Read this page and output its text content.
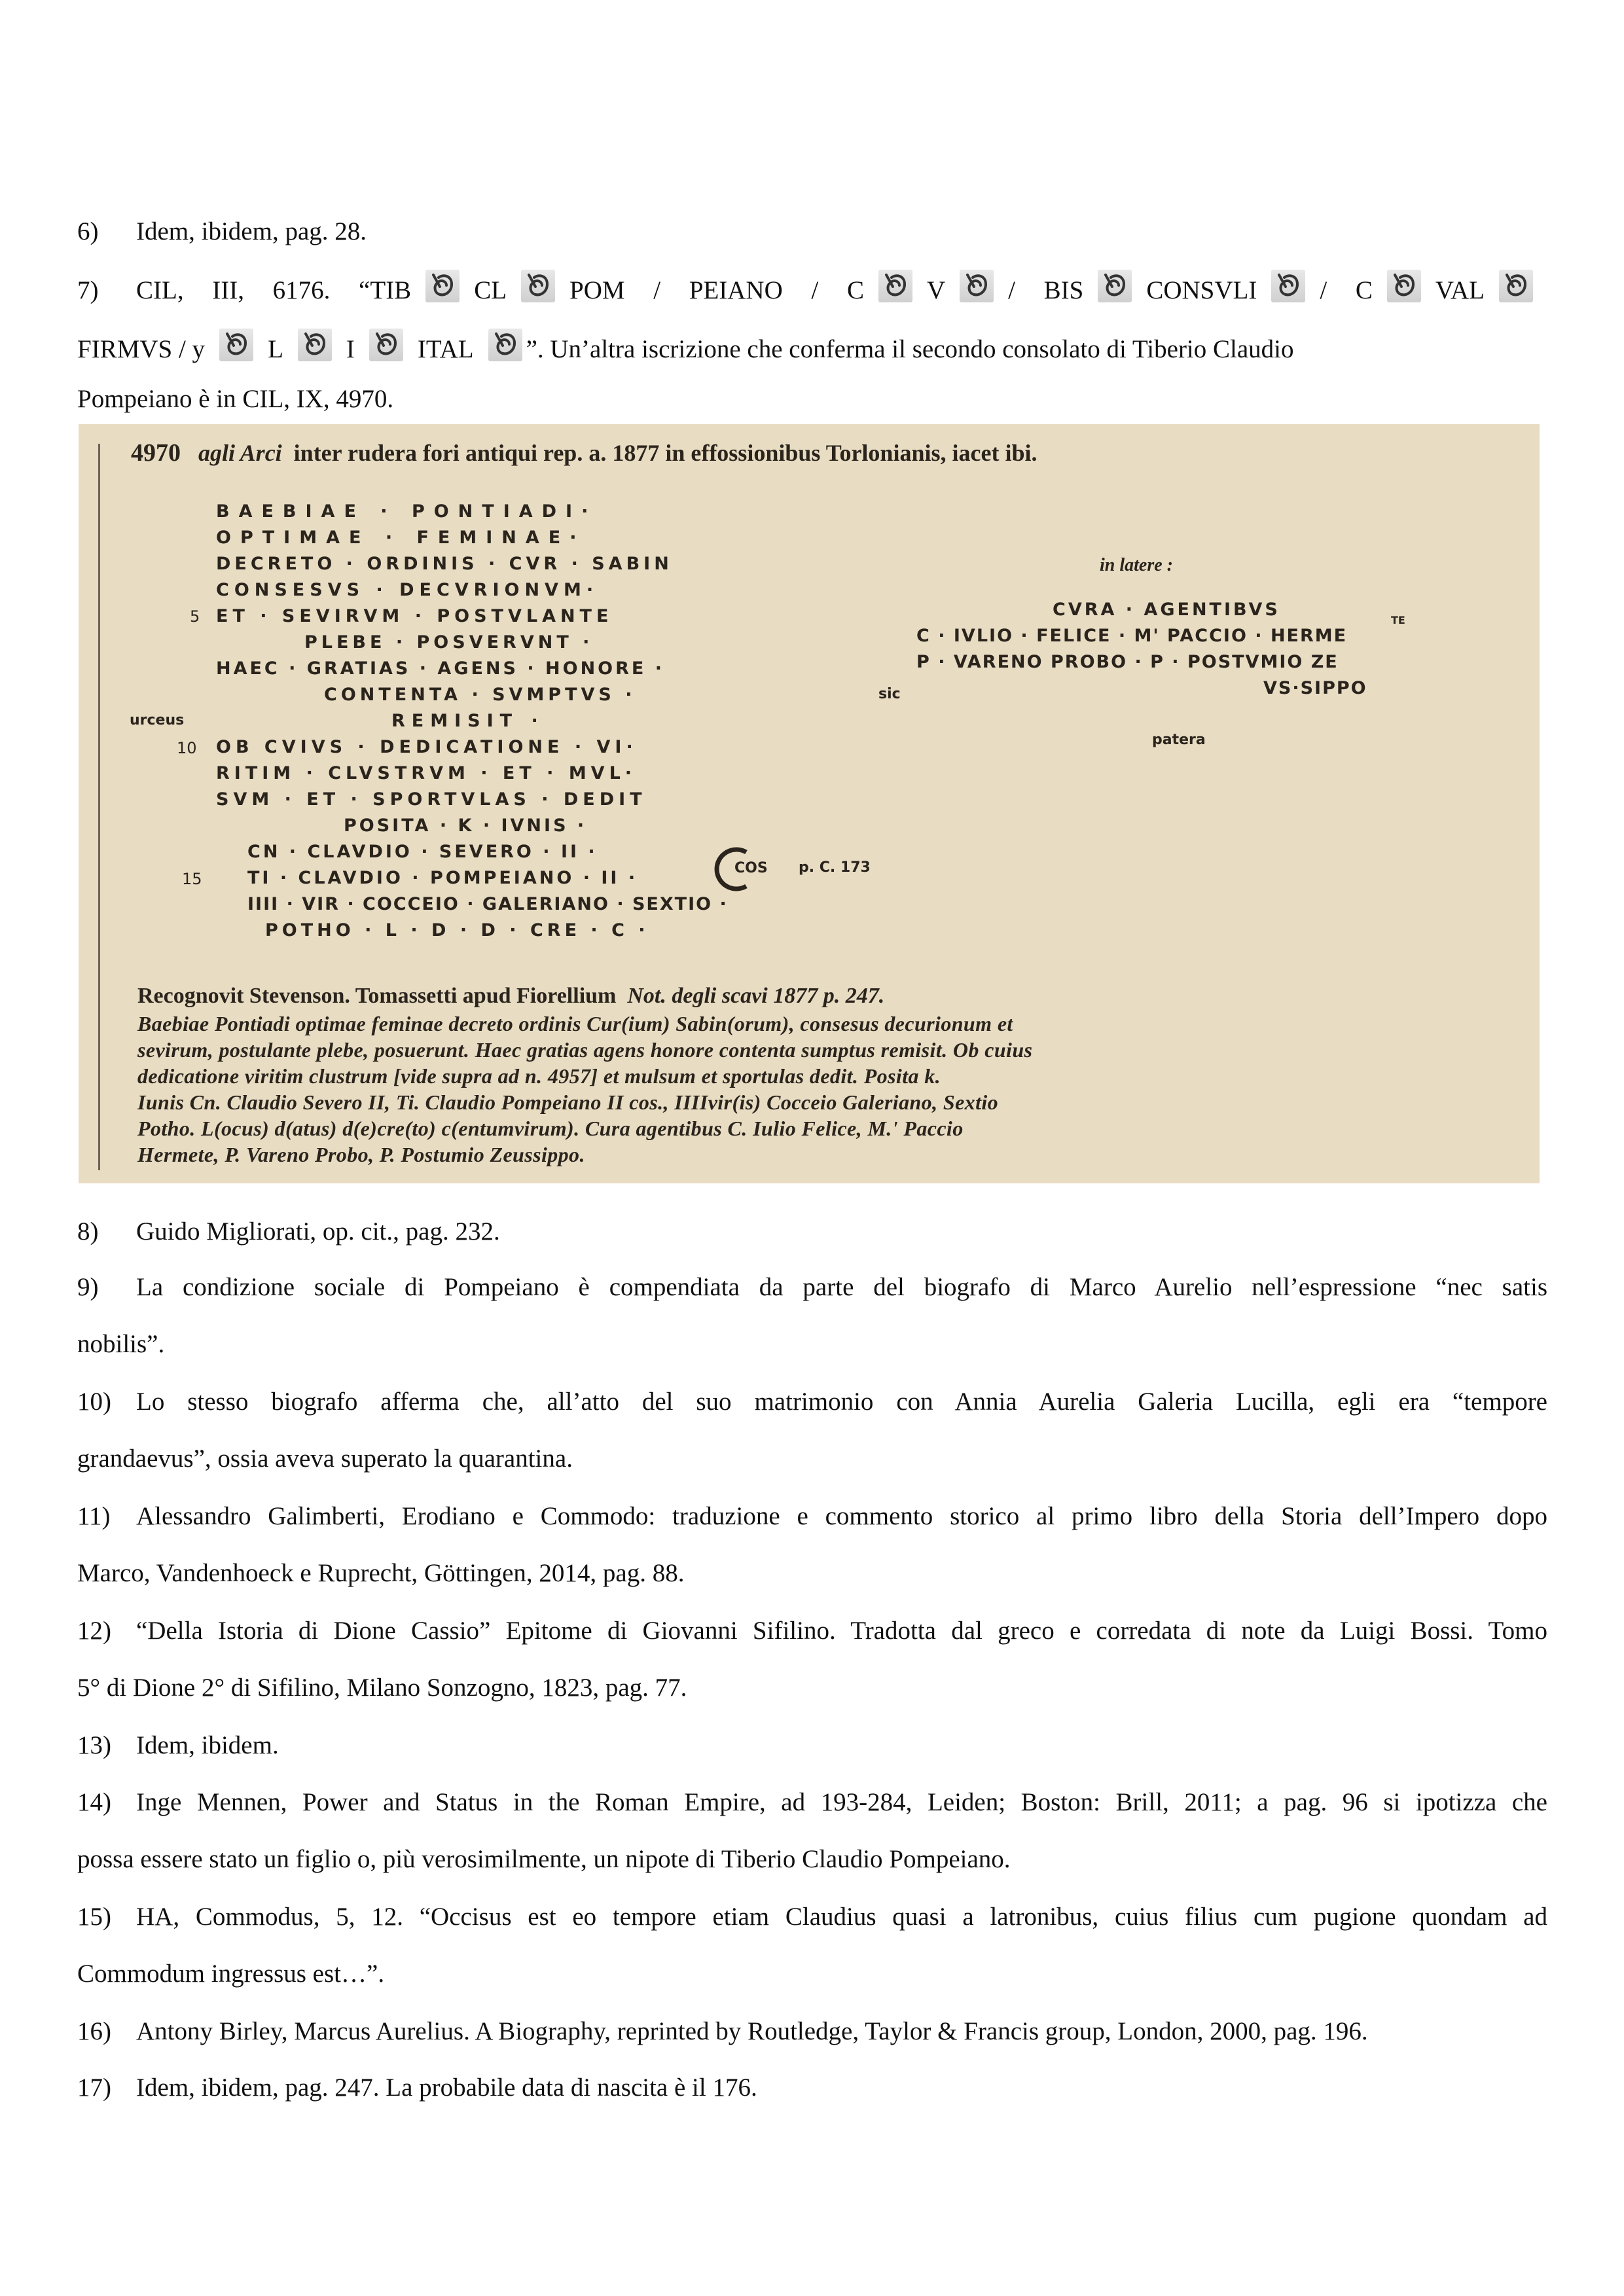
6) Idem, ibidem, pag. 28.
7) CIL, III, 6176. “TIB CL POM / PEIANO / C V / BIS CONSVLI / C VAL
FIRMVS / y L I ITAL ”. Un’altra iscrizione che conferma il secondo consolato di Tiberio Claudio
Pompeiano è in CIL, IX, 4970.
4970 agli Arci inter rudera fori antiqui rep. a. 1877 in effossionibus Torlonianis, iacet ibi.
BAEBIAE · PONTIADI·
OPTIMAE · FEMINAE·
DECRETO · ORDINIS · CVR · SABIN
CONSESVS · DECVRIONVM·
ET · SEVIRVM · POSTVLANTE
PLEBE · POSVERVNT ·
HAEC · GRATIAS · AGENS · HONORE ·
CONTENTA · SVMPTVS ·
REMISIT ·
OB CVIVS · DEDICATIONE · VI·
RITIM · CLVSTRVM · ET · MVL·
SVM · ET · SPORTVLAS · DEDIT
POSITA · K · IVNIS ·
CN · CLAVDIO · SEVERO · II ·
TI · CLAVDIO · POMPEIANO · II ·
IIII · VIR · COCCEIO · GALERIANO · SEXTIO ·
POTHO · L · D · D · CRE · C ·
5
10
15
urceus
sic
patera
p. C. 173
COS
in latere :
CVRA · AGENTIBVS
C · IVLIO · FELICE · M' PACCIO · HERME
P · VARENO PROBO · P · POSTVMIO ZE
VS·SIPPO
TE
Recognovit Stevenson. Tomassetti apud Fiorellium Not. degli scavi 1877 p. 247.
Baebiae Pontiadi optimae feminae decreto ordinis Cur(ium) Sabin(orum), consesus decurionum et
sevirum, postulante plebe, posuerunt. Haec gratias agens honore contenta sumptus remisit. Ob cuius
dedicatione viritim clustrum [vide supra ad n. 4957] et mulsum et sportulas dedit. Posita k.
Iunis Cn. Claudio Severo II, Ti. Claudio Pompeiano II cos., IIIIvir(is) Cocceio Galeriano, Sextio
Potho. L(ocus) d(atus) d(e)cre(to) c(entumvirum). Cura agentibus C. Iulio Felice, M.' Paccio
Hermete, P. Vareno Probo, P. Postumio Zeussippo.
8) Guido Migliorati, op. cit., pag. 232.
9) La condizione sociale di Pompeiano è compendiata da parte del biografo di Marco Aurelio nell’espressione “nec satis
nobilis”.
10) Lo stesso biografo afferma che, all’atto del suo matrimonio con Annia Aurelia Galeria Lucilla, egli era “tempore
grandaevus”, ossia aveva superato la quarantina.
11) Alessandro Galimberti, Erodiano e Commodo: traduzione e commento storico al primo libro della Storia dell’Impero dopo
Marco, Vandenhoeck e Ruprecht, Göttingen, 2014, pag. 88.
12) “Della Istoria di Dione Cassio” Epitome di Giovanni Sifilino. Tradotta dal greco e corredata di note da Luigi Bossi. Tomo
5° di Dione 2° di Sifilino, Milano Sonzogno, 1823, pag. 77.
13) Idem, ibidem.
14) Inge Mennen, Power and Status in the Roman Empire, ad 193-284, Leiden; Boston: Brill, 2011; a pag. 96 si ipotizza che
possa essere stato un figlio o, più verosimilmente, un nipote di Tiberio Claudio Pompeiano.
15) HA, Commodus, 5, 12. “Occisus est eo tempore etiam Claudius quasi a latronibus, cuius filius cum pugione quondam ad
Commodum ingressus est…”.
16) Antony Birley, Marcus Aurelius. A Biography, reprinted by Routledge, Taylor & Francis group, London, 2000, pag. 196.
17) Idem, ibidem, pag. 247. La probabile data di nascita è il 176.
